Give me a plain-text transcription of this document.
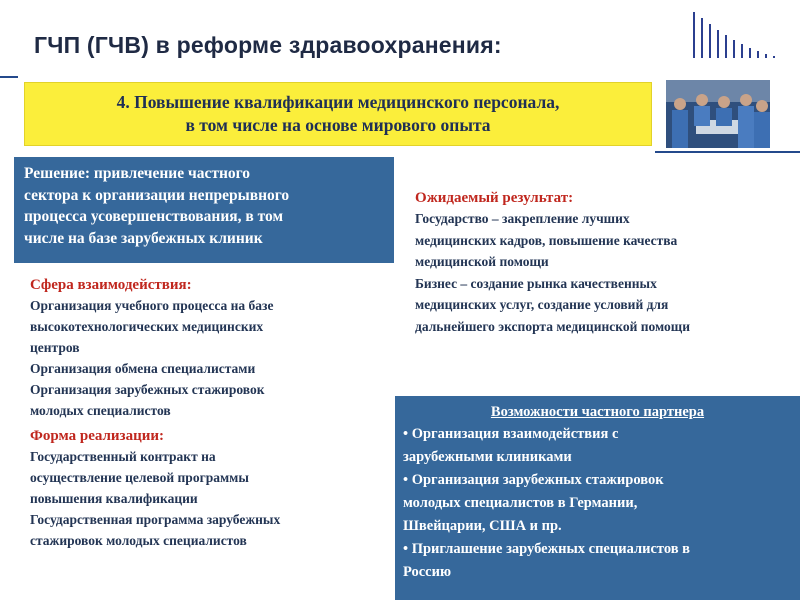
ГЧП (ГЧВ) в реформе здравоохранения:
4. Повышение квалификации медицинского персонала,
в том числе на основе мирового опыта
Решение: привлечение частного
сектора к организации непрерывного
процесса усовершенствования, в том
числе на базе зарубежных клиник
Сфера взаимодействия:
Организация учебного процесса на базе
высокотехнологических медицинских
центров
Организация обмена специалистами
Организация зарубежных стажировок
молодых специалистов
Форма реализации:
Государственный контракт на
осуществление целевой программы
повышения квалификации
Государственная программа зарубежных
стажировок молодых специалистов
Ожидаемый результат:
Государство – закрепление лучших
медицинских кадров, повышение качества
медицинской помощи
Бизнес – создание рынка качественных
медицинских услуг, создание условий для
дальнейшего экспорта медицинской помощи
Возможности частного партнера
• Организация взаимодействия с
зарубежными клиниками
• Организация зарубежных стажировок
молодых специалистов в Германии,
Швейцарии, США и пр.
• Приглашение зарубежных специалистов в
Россию
